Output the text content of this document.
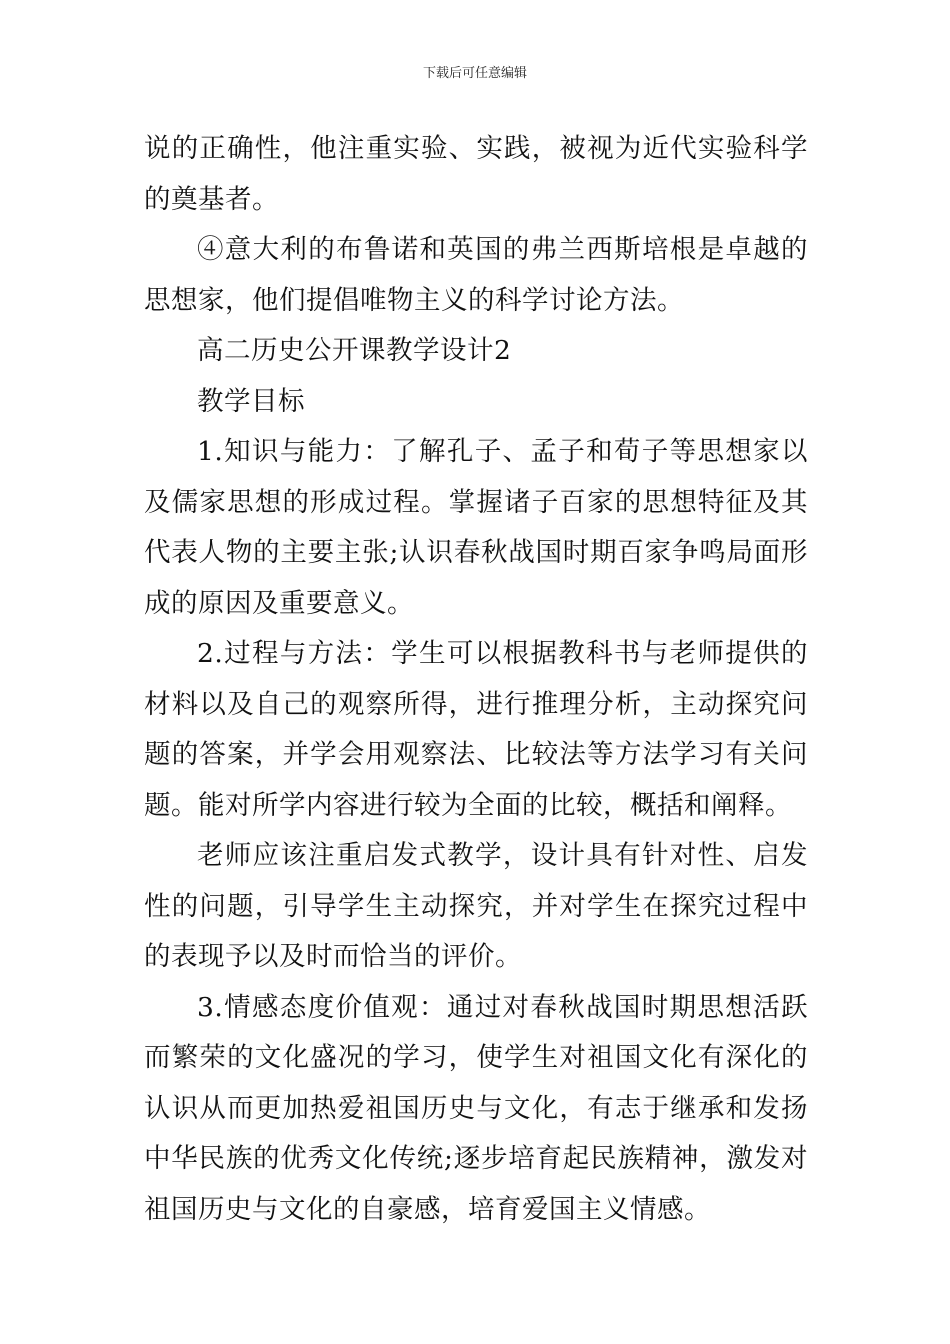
下载后可任意编辑

说的正确性，他注重实验、实践，被视为近代实验科学的奠基者。

④意大利的布鲁诺和英国的弗兰西斯培根是卓越的思想家，他们提倡唯物主义的科学讨论方法。

高二历史公开课教学设计2

教学目标

1.知识与能力：了解孔子、孟子和荀子等思想家以及儒家思想的形成过程。掌握诸子百家的思想特征及其代表人物的主要主张;认识春秋战国时期百家争鸣局面形成的原因及重要意义。

2.过程与方法：学生可以根据教科书与老师提供的材料以及自己的观察所得，进行推理分析，主动探究问题的答案，并学会用观察法、比较法等方法学习有关问题。能对所学内容进行较为全面的比较，概括和阐释。

老师应该注重启发式教学，设计具有针对性、启发性的问题，引导学生主动探究，并对学生在探究过程中的表现予以及时而恰当的评价。

3.情感态度价值观：通过对春秋战国时期思想活跃而繁荣的文化盛况的学习，使学生对祖国文化有深化的认识从而更加热爱祖国历史与文化，有志于继承和发扬中华民族的优秀文化传统;逐步培育起民族精神，激发对祖国历史与文化的自豪感，培育爱国主义情感。
